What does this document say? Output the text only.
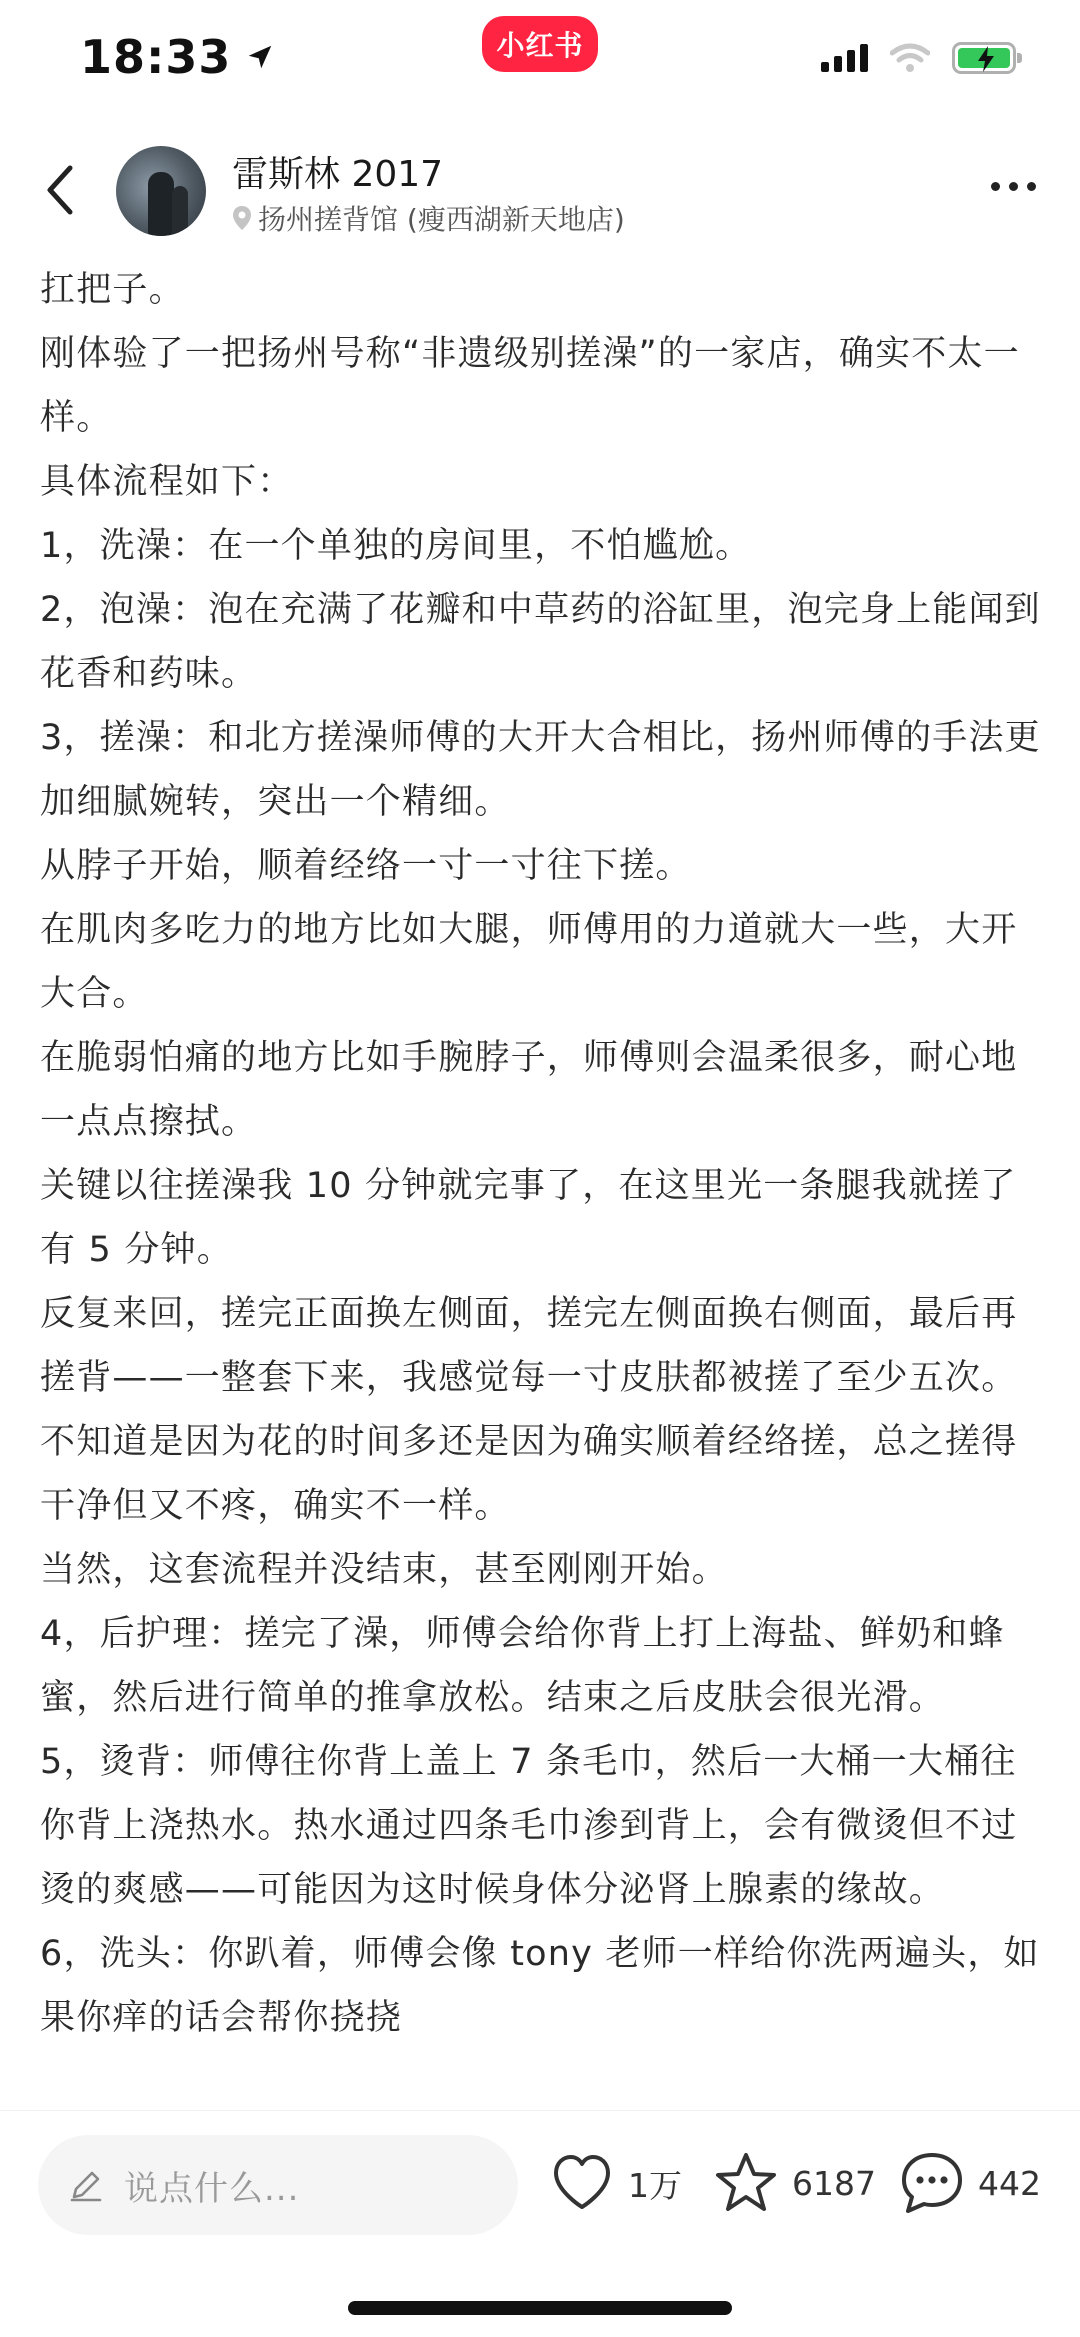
18:33	小红书
雷斯林 2017
扬州搓背馆 (瘦西湖新天地店)

扛把子。

刚体验了一把扬州号称“非遗级别搓澡”的一家店，确实不太一样。

具体流程如下：

1，洗澡：在一个单独的房间里，不怕尴尬。

2，泡澡：泡在充满了花瓣和中草药的浴缸里，泡完身上能闻到花香和药味。

3，搓澡：和北方搓澡师傅的大开大合相比，扬州师傅的手法更加细腻婉转，突出一个精细。

从脖子开始，顺着经络一寸一寸往下搓。

在肌肉多吃力的地方比如大腿，师傅用的力道就大一些，大开大合。

在脆弱怕痛的地方比如手腕脖子，师傅则会温柔很多，耐心地一点点擦拭。

关键以往搓澡我 10 分钟就完事了，在这里光一条腿我就搓了有 5 分钟。

反复来回，搓完正面换左侧面，搓完左侧面换右侧面，最后再搓背——一整套下来，我感觉每一寸皮肤都被搓了至少五次。

不知道是因为花的时间多还是因为确实顺着经络搓，总之搓得干净但又不疼，确实不一样。

当然，这套流程并没结束，甚至刚刚开始。

4，后护理：搓完了澡，师傅会给你背上打上海盐、鲜奶和蜂蜜，然后进行简单的推拿放松。结束之后皮肤会很光滑。

5，烫背：师傅往你背上盖上 7 条毛巾，然后一大桶一大桶往你背上浇热水。热水通过四条毛巾渗到背上，会有微烫但不过烫的爽感——可能因为这时候身体分泌肾上腺素的缘故。

6，洗头：你趴着，师傅会像 tony 老师一样给你洗两遍头，如果你痒的话会帮你挠挠

说点什么...	1万	6187	442
